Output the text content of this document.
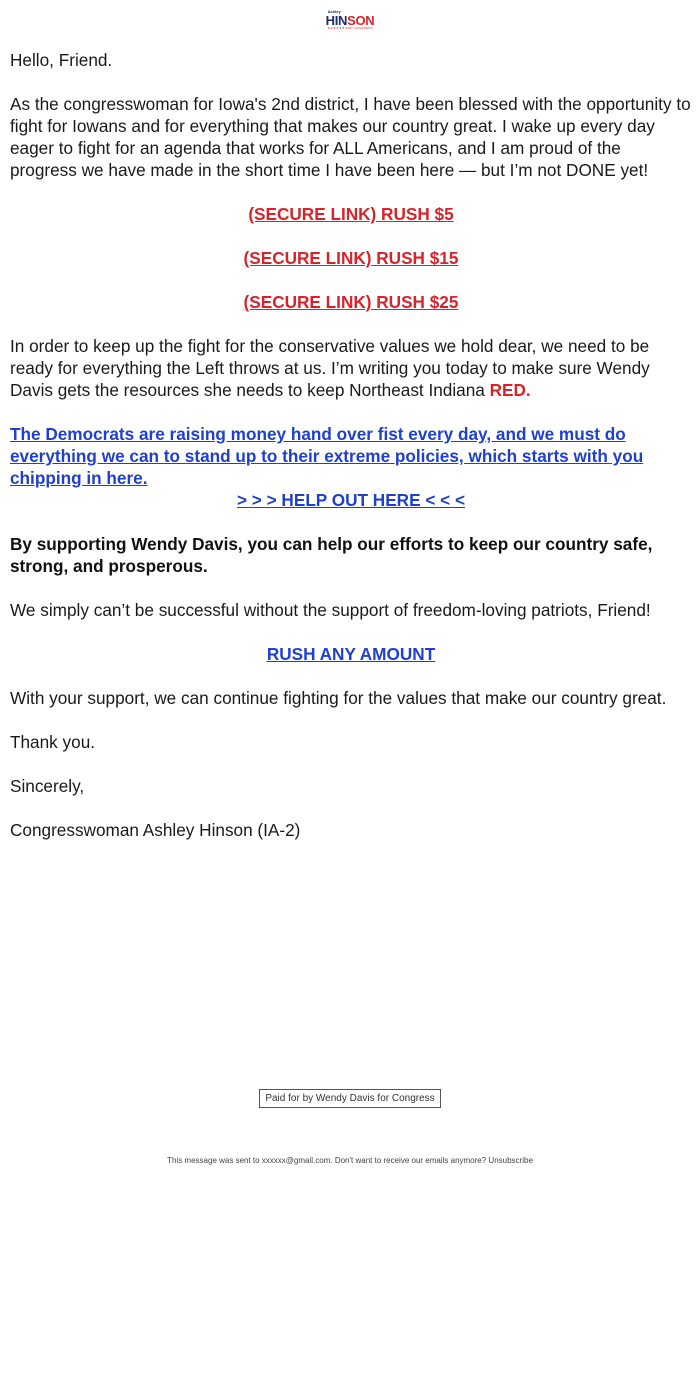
Ashley
HINSON
★★★★★★ FOR CONGRESS

Hello, Friend.

As the congresswoman for Iowa's 2nd district, I have been blessed with the opportunity to fight for Iowans and for everything that makes our country great. I wake up every day eager to fight for an agenda that works for ALL Americans, and I am proud of the progress we have made in the short time I have been here — but I’m not DONE yet!

(SECURE LINK) RUSH $5

(SECURE LINK) RUSH $15

(SECURE LINK) RUSH $25

In order to keep up the fight for the conservative values we hold dear, we need to be ready for everything the Left throws at us. I’m writing you today to make sure Wendy Davis gets the resources she needs to keep Northeast Indiana RED.

The Democrats are raising money hand over fist every day, and we must do everything we can to stand up to their extreme policies, which starts with you chipping in here.

> > > HELP OUT HERE < < <

By supporting Wendy Davis, you can help our efforts to keep our country safe, strong, and prosperous.

We simply can’t be successful without the support of freedom-loving patriots, Friend!

RUSH ANY AMOUNT

With your support, we can continue fighting for the values that make our country great.

Thank you.

Sincerely,

Congresswoman Ashley Hinson (IA-2)

Paid for by Wendy Davis for Congress
This message was sent to xxxxxx@gmail.com. Don't want to receive our emails anymore? Unsubscribe
